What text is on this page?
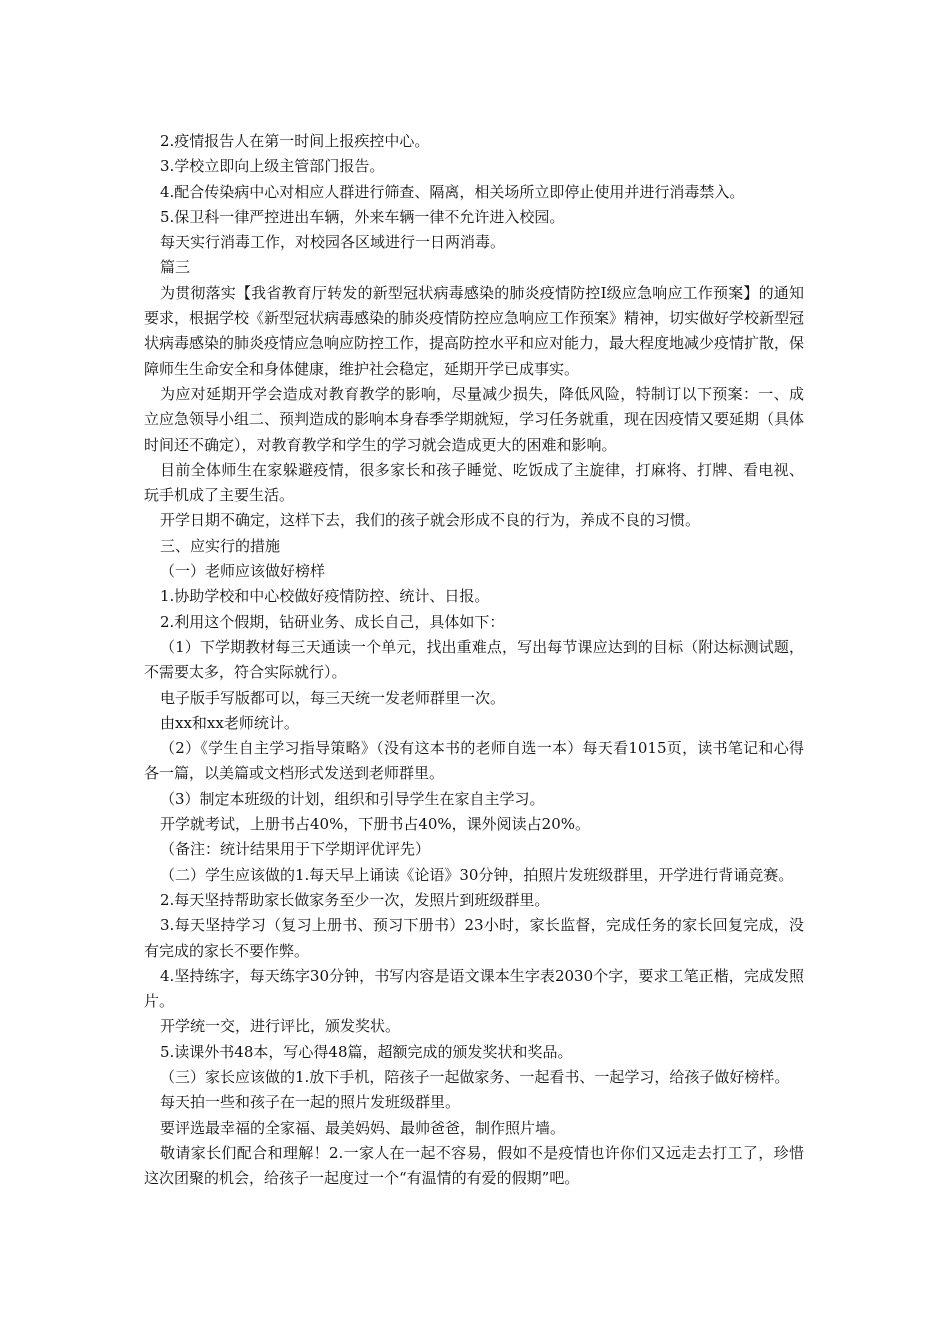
2.疫情报告人在第一时间上报疾控中心。

3.学校立即向上级主管部门报告。

4.配合传染病中心对相应人群进行筛查、隔离，相关场所立即停止使用并进行消毒禁入。

5.保卫科一律严控进出车辆，外来车辆一律不允许进入校园。

每天实行消毒工作，对校园各区域进行一日两消毒。

篇三

为贯彻落实【我省教育厅转发的新型冠状病毒感染的肺炎疫情防控Ⅰ级应急响应工作预案】的通知要求，根据学校《新型冠状病毒感染的肺炎疫情防控应急响应工作预案》精神，切实做好学校新型冠状病毒感染的肺炎疫情应急响应防控工作，提高防控水平和应对能力，最大程度地减少疫情扩散，保障师生生命安全和身体健康，维护社会稳定，延期开学已成事实。

为应对延期开学会造成对教育教学的影响，尽量减少损失，降低风险，特制订以下预案：一、成立应急领导小组二、预判造成的影响本身春季学期就短，学习任务就重，现在因疫情又要延期（具体时间还不确定），对教育教学和学生的学习就会造成更大的困难和影响。

目前全体师生在家躲避疫情，很多家长和孩子睡觉、吃饭成了主旋律，打麻将、打牌、看电视、玩手机成了主要生活。

开学日期不确定，这样下去，我们的孩子就会形成不良的行为，养成不良的习惯。

三、应实行的措施

（一）老师应该做好榜样

1.协助学校和中心校做好疫情防控、统计、日报。

2.利用这个假期，钻研业务、成长自己，具体如下：

（1）下学期教材每三天通读一个单元，找出重难点，写出每节课应达到的目标（附达标测试题，不需要太多，符合实际就行）。

电子版手写版都可以，每三天统一发老师群里一次。

由xx和xx老师统计。

（2）《学生自主学习指导策略》（没有这本书的老师自选一本）每天看1015页，读书笔记和心得各一篇，以美篇或文档形式发送到老师群里。

（3）制定本班级的计划，组织和引导学生在家自主学习。

开学就考试，上册书占40%，下册书占40%，课外阅读占20%。

（备注：统计结果用于下学期评优评先）

（二）学生应该做的1.每天早上诵读《论语》30分钟，拍照片发班级群里，开学进行背诵竞赛。

2.每天坚持帮助家长做家务至少一次，发照片到班级群里。

3.每天坚持学习（复习上册书、预习下册书）23小时，家长监督，完成任务的家长回复完成，没有完成的家长不要作弊。

4.坚持练字，每天练字30分钟，书写内容是语文课本生字表2030个字，要求工笔正楷，完成发照片。

开学统一交，进行评比，颁发奖状。

5.读课外书48本，写心得48篇，超额完成的颁发奖状和奖品。

（三）家长应该做的1.放下手机，陪孩子一起做家务、一起看书、一起学习，给孩子做好榜样。

每天拍一些和孩子在一起的照片发班级群里。

要评选最幸福的全家福、最美妈妈、最帅爸爸，制作照片墙。

敬请家长们配合和理解！2.一家人在一起不容易，假如不是疫情也许你们又远走去打工了，珍惜这次团聚的机会，给孩子一起度过一个“有温情的有爱的假期”吧。
